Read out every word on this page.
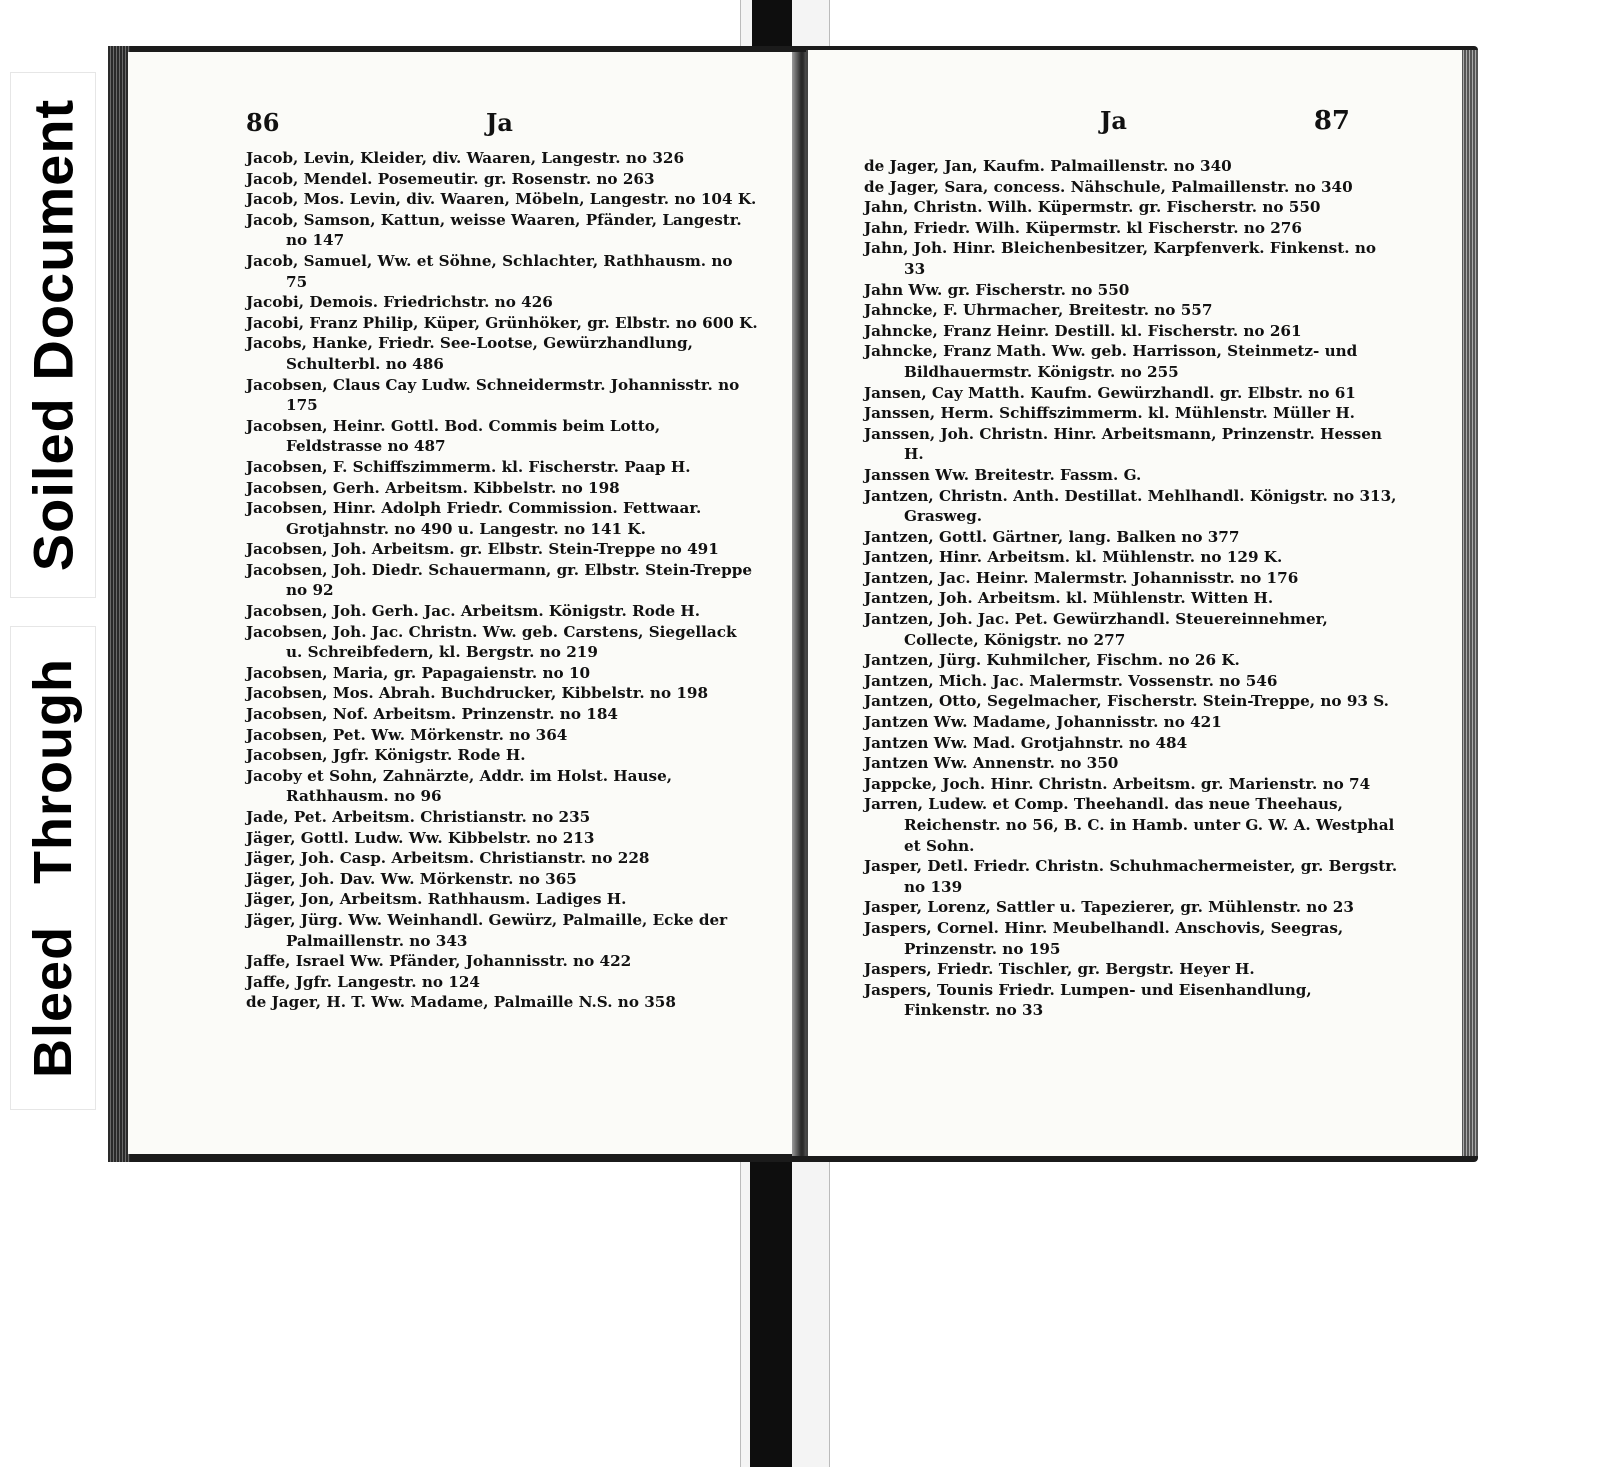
Soiled Document
Bleed Through
86	Ja
Jacob, Levin, Kleider, div. Waaren, Langestr. no 326
Jacob, Mendel. Posemeutir. gr. Rosenstr. no 263
Jacob, Mos. Levin, div. Waaren, Möbeln, Langestr. no 104 K.
Jacob, Samson, Kattun, weisse Waaren, Pfänder, Langestr. no 147
Jacob, Samuel, Ww. et Söhne, Schlachter, Rathhausm. no 75
Jacobi, Demois. Friedrichstr. no 426
Jacobi, Franz Philip, Küper, Grünhöker, gr. Elbstr. no 600 K.
Jacobs, Hanke, Friedr. See-Lootse, Gewürzhandlung, Schulterbl. no 486
Jacobsen, Claus Cay Ludw. Schneidermstr. Johannisstr. no 175
Jacobsen, Heinr. Gottl. Bod. Commis beim Lotto, Feldstrasse no 487
Jacobsen, F. Schiffszimmerm. kl. Fischerstr. Paap H.
Jacobsen, Gerh. Arbeitsm. Kibbelstr. no 198
Jacobsen, Hinr. Adolph Friedr. Commission. Fettwaar. Grotjahnstr. no 490 u. Langestr. no 141 K.
Jacobsen, Joh. Arbeitsm. gr. Elbstr. Stein-Treppe no 491
Jacobsen, Joh. Diedr. Schauermann, gr. Elbstr. Stein-Treppe no 92
Jacobsen, Joh. Gerh. Jac. Arbeitsm. Königstr. Rode H.
Jacobsen, Joh. Jac. Christn. Ww. geb. Carstens, Siegellack u. Schreibfedern, kl. Bergstr. no 219
Jacobsen, Maria, gr. Papagaienstr. no 10
Jacobsen, Mos. Abrah. Buchdrucker, Kibbelstr. no 198
Jacobsen, Nof. Arbeitsm. Prinzenstr. no 184
Jacobsen, Pet. Ww. Mörkenstr. no 364
Jacobsen, Jgfr. Königstr. Rode H.
Jacoby et Sohn, Zahnärzte, Addr. im Holst. Hause, Rathhausm. no 96
Jade, Pet. Arbeitsm. Christianstr. no 235
Jäger, Gottl. Ludw. Ww. Kibbelstr. no 213
Jäger, Joh. Casp. Arbeitsm. Christianstr. no 228
Jäger, Joh. Dav. Ww. Mörkenstr. no 365
Jäger, Jon, Arbeitsm. Rathhausm. Ladiges H.
Jäger, Jürg. Ww. Weinhandl. Gewürz, Palmaille, Ecke der Palmaillenstr. no 343
Jaffe, Israel Ww. Pfänder, Johannisstr. no 422
Jaffe, Jgfr. Langestr. no 124
de Jager, H. T. Ww. Madame, Palmaille N.S. no 358
Ja	87
de Jager, Jan, Kaufm. Palmaillenstr. no 340
de Jager, Sara, concess. Nähschule, Palmaillenstr. no 340
Jahn, Christn. Wilh. Küpermstr. gr. Fischerstr. no 550
Jahn, Friedr. Wilh. Küpermstr. kl Fischerstr. no 276
Jahn, Joh. Hinr. Bleichenbesitzer, Karpfenverk. Finkenst. no 33
Jahn Ww. gr. Fischerstr. no 550
Jahncke, F. Uhrmacher, Breitestr. no 557
Jahncke, Franz Heinr. Destill. kl. Fischerstr. no 261
Jahncke, Franz Math. Ww. geb. Harrisson, Steinmetz- und Bildhauermstr. Königstr. no 255
Jansen, Cay Matth. Kaufm. Gewürzhandl. gr. Elbstr. no 61
Janssen, Herm. Schiffszimmerm. kl. Mühlenstr. Müller H.
Janssen, Joh. Christn. Hinr. Arbeitsmann, Prinzenstr. Hessen H.
Janssen Ww. Breitestr. Fassm. G.
Jantzen, Christn. Anth. Destillat. Mehlhandl. Königstr. no 313, Grasweg.
Jantzen, Gottl. Gärtner, lang. Balken no 377
Jantzen, Hinr. Arbeitsm. kl. Mühlenstr. no 129 K.
Jantzen, Jac. Heinr. Malermstr. Johannisstr. no 176
Jantzen, Joh. Arbeitsm. kl. Mühlenstr. Witten H.
Jantzen, Joh. Jac. Pet. Gewürzhandl. Steuereinnehmer, Collecte, Königstr. no 277
Jantzen, Jürg. Kuhmilcher, Fischm. no 26 K.
Jantzen, Mich. Jac. Malermstr. Vossenstr. no 546
Jantzen, Otto, Segelmacher, Fischerstr. Stein-Treppe, no 93 S.
Jantzen Ww. Madame, Johannisstr. no 421
Jantzen Ww. Mad. Grotjahnstr. no 484
Jantzen Ww. Annenstr. no 350
Jappcke, Joch. Hinr. Christn. Arbeitsm. gr. Marienstr. no 74
Jarren, Ludew. et Comp. Theehandl. das neue Theehaus, Reichenstr. no 56, B. C. in Hamb. unter G. W. A. Westphal et Sohn.
Jasper, Detl. Friedr. Christn. Schuhmachermeister, gr. Bergstr. no 139
Jasper, Lorenz, Sattler u. Tapezierer, gr. Mühlenstr. no 23
Jaspers, Cornel. Hinr. Meubelhandl. Anschovis, Seegras, Prinzenstr. no 195
Jaspers, Friedr. Tischler, gr. Bergstr. Heyer H.
Jaspers, Tounis Friedr. Lumpen- und Eisenhandlung, Finkenstr. no 33
